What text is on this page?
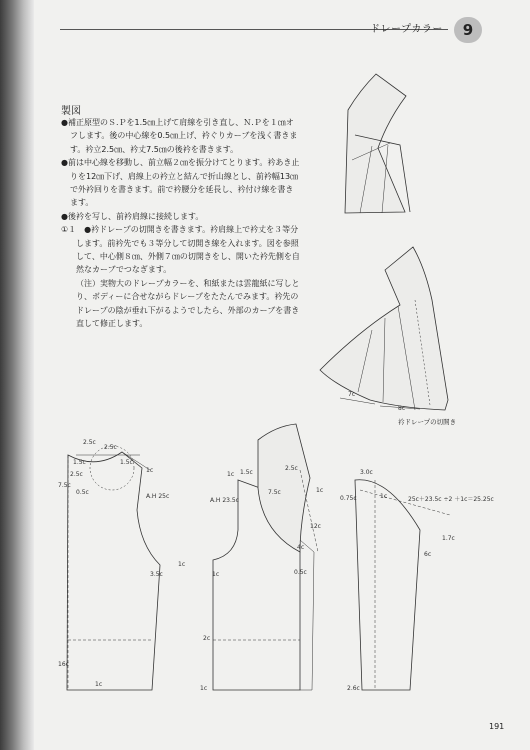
ドレープカラー	9
製図

●補正原型のＳ.Ｐを1.5㎝上げて肩線を引き直し、Ｎ.Ｐを１㎝オフします。後の中心線を0.5㎝上げ、衿ぐりカーブを浅く書きます。衿立2.5㎝、衿丈7.5㎝の後衿を書きます。

●前は中心線を移動し、前立幅２㎝を振分けてとります。衿あき止りを12㎝下げ、肩線上の衿立と結んで折山線とし、前衿幅13㎝で外衿回りを書きます。前で衿腰分を延長し、衿付け線を書きます。

●後衿を写し、前衿肩線に接続します。

①１　●衿ドレープの切開きを書きます。衿肩線上で衿丈を３等分します。前衿先でも３等分して切開き線を入れます。図を参照して、中心側８㎝、外側７㎝の切開きをし、開いた衿先側を自然なカーブでつなぎます。

（注）実物大のドレープカラーを、和紙または雲龍紙に写しとり、ボディーに合せながらドレープをたたんでみます。衿先のドレープの陰が垂れ下がるようでしたら、外部のカーブを書き直して修正します。

7c
8c
2.5c
2.5c
1.5c
2.5c
7.5c
0.5c
1.5c
1c
A.H 25c
3.5c
1c
16c
1c
A.H 23.5c
1c 1.5c
7.5c
2.5c
1c
12c
4c
0.5c
1c
2c
1c
3.0c
0.75c	1c	25c＋23.5c ÷2 ＋1c＝25.25c
1.7c
6c
2.6c
衿ドレープの切開き
191
